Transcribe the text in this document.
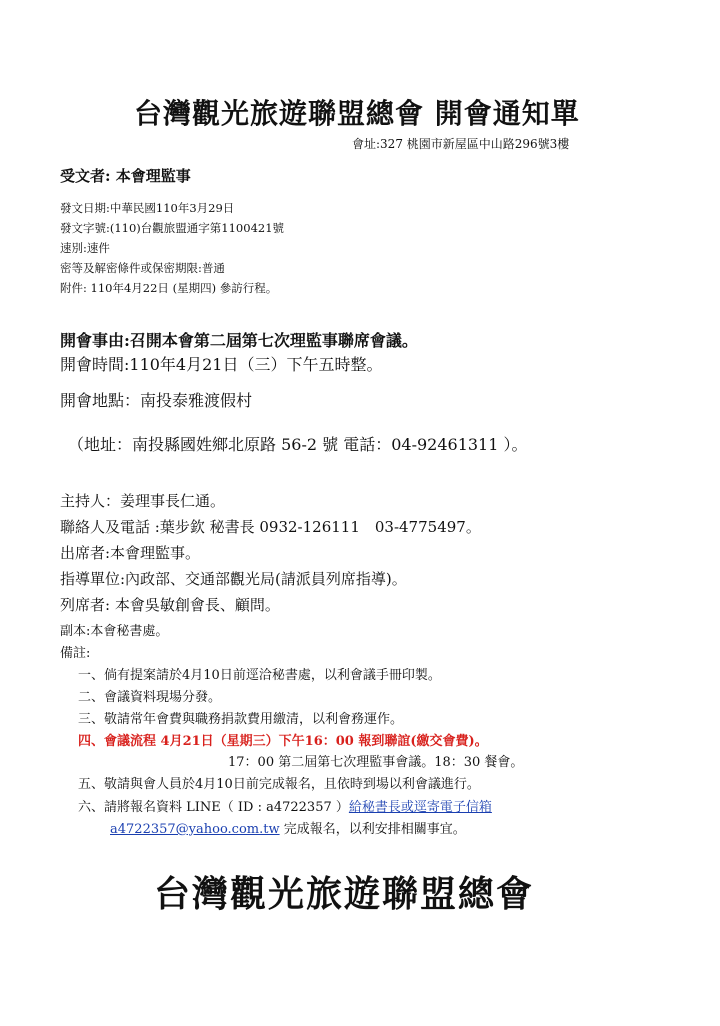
台灣觀光旅遊聯盟總會 開會通知單
會址:327 桃園市新屋區中山路296號3樓
受文者: 本會理監事
發文日期:中華民國110年3月29日
發文字號:(110)台觀旅盟通字第1100421號
速別:速件
密等及解密條件或保密期限:普通
附件: 110年4月22日 (星期四) 參訪行程。
開會事由:召開本會第二屆第七次理監事聯席會議。
開會時間:110年4月21日（三）下午五時整。
開會地點：南投泰雅渡假村
（地址：南投縣國姓鄉北原路 56-2 號 電話：04-92461311 ）。
主持人：姜理事長仁通。
聯絡人及電話 :葉步欽 秘書長 0932-126111　03-4775497。
出席者:本會理監事。
指導單位:內政部、交通部觀光局(請派員列席指導)。
列席者: 本會吳敏創會長、顧問。
副本:本會秘書處。
備註:
一、倘有提案請於4月10日前逕洽秘書處，以利會議手冊印製。
二、會議資料現場分發。
三、敬請常年會費與職務捐款費用繳清，以利會務運作。
四、會議流程 4月21日（星期三）下午16：00 報到聯誼(繳交會費)。
17：00 第二屆第七次理監事會議。18：30 餐會。
五、敬請與會人員於4月10日前完成報名，且依時到場以利會議進行。
六、請將報名資料 LINE（ ID : a4722357 ）給秘書長或逕寄電子信箱
a4722357@yahoo.com.tw 完成報名，以利安排相關事宜。
台灣觀光旅遊聯盟總會
